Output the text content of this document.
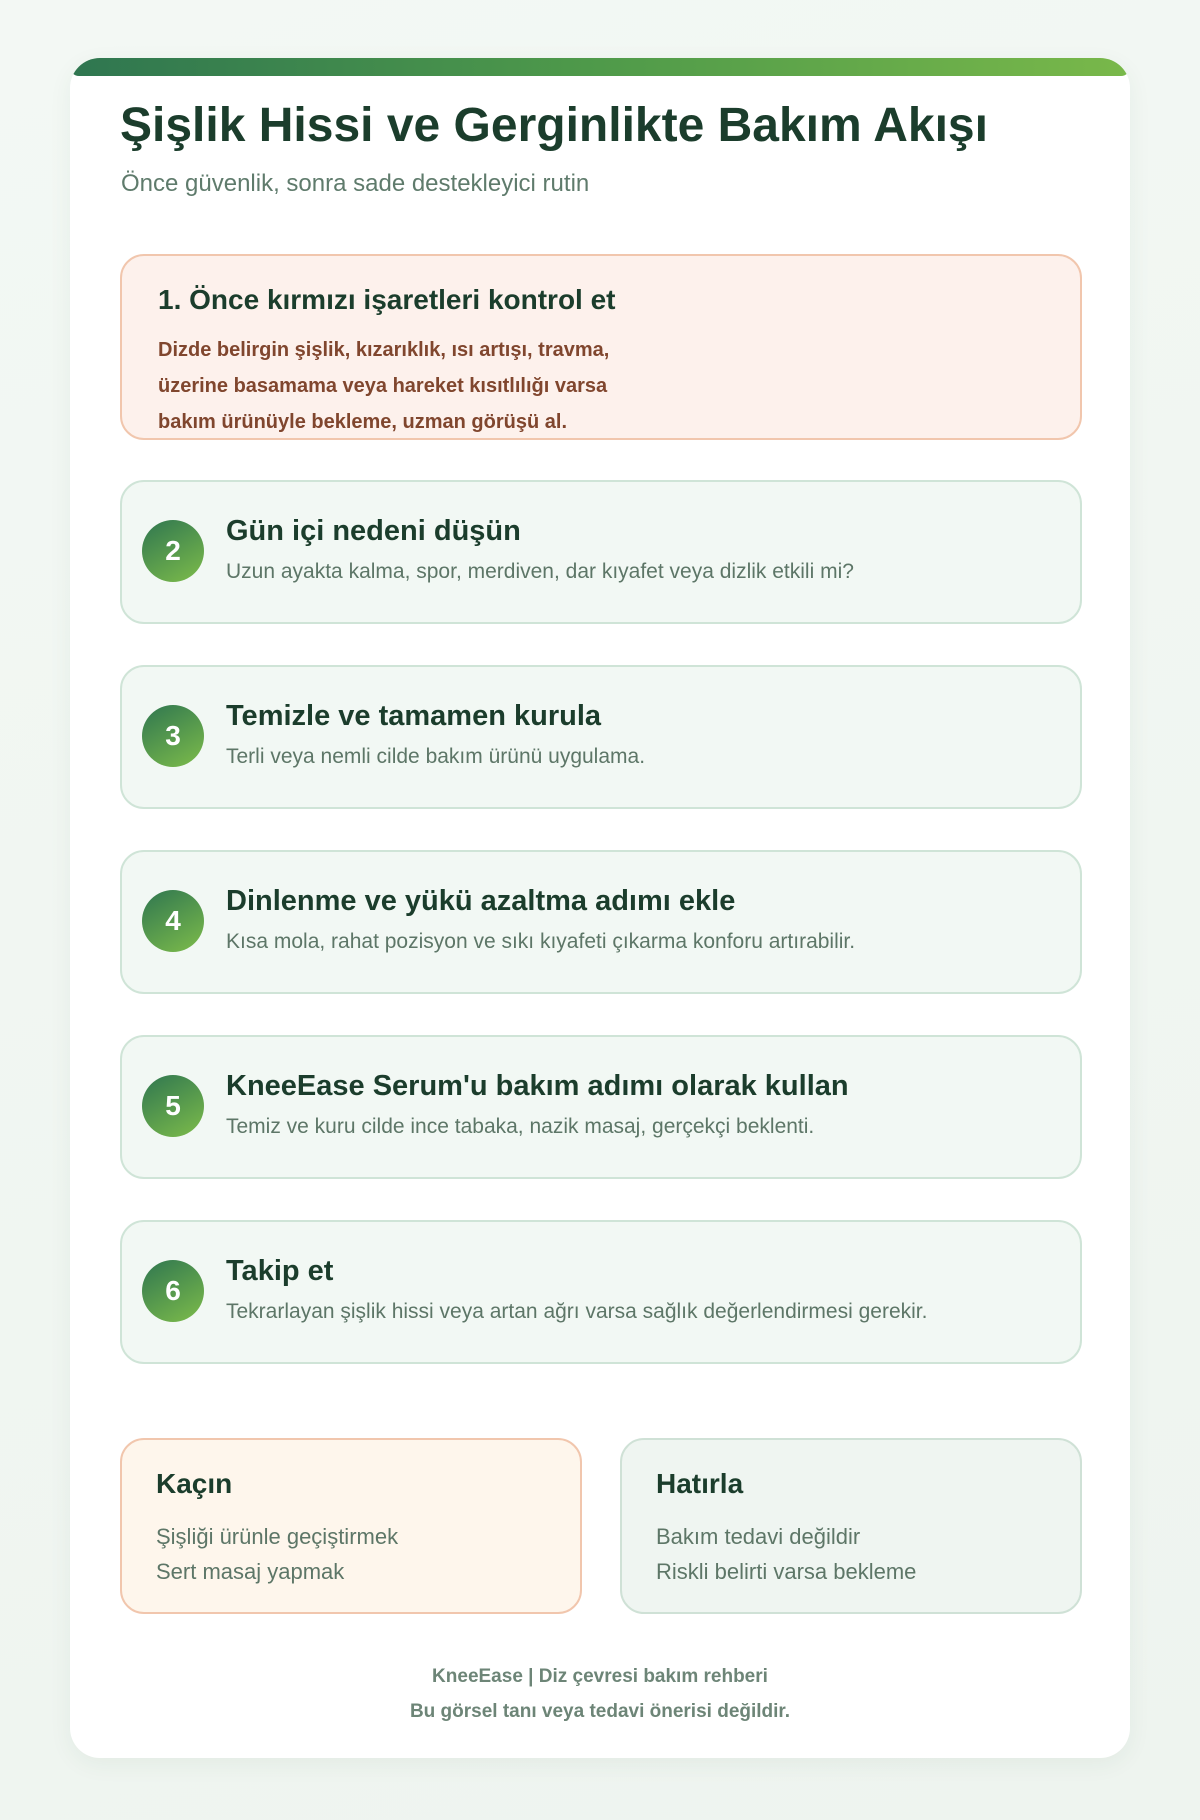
Şişlik Hissi ve Gerginlikte Bakım Akışı
Önce güvenlik, sonra sade destekleyici rutin
1. Önce kırmızı işaretleri kontrol et
Dizde belirgin şişlik, kızarıklık, ısı artışı, travma,
üzerine basamama veya hareket kısıtlılığı varsa
bakım ürünüyle bekleme, uzman görüşü al.
2
Gün içi nedeni düşün
Uzun ayakta kalma, spor, merdiven, dar kıyafet veya dizlik etkili mi?
3
Temizle ve tamamen kurula
Terli veya nemli cilde bakım ürünü uygulama.
4
Dinlenme ve yükü azaltma adımı ekle
Kısa mola, rahat pozisyon ve sıkı kıyafeti çıkarma konforu artırabilir.
5
KneeEase Serum'u bakım adımı olarak kullan
Temiz ve kuru cilde ince tabaka, nazik masaj, gerçekçi beklenti.
6
Takip et
Tekrarlayan şişlik hissi veya artan ağrı varsa sağlık değerlendirmesi gerekir.
Kaçın
Şişliği ürünle geçiştirmek
Sert masaj yapmak
Hatırla
Bakım tedavi değildir
Riskli belirti varsa bekleme
KneeEase | Diz çevresi bakım rehberi
Bu görsel tanı veya tedavi önerisi değildir.
